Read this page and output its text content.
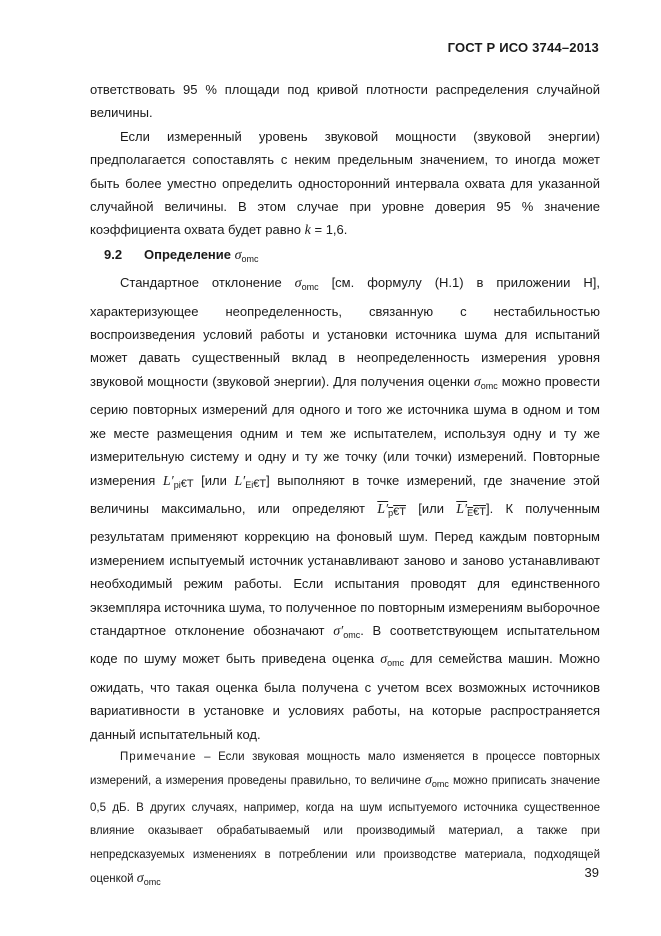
ГОСТ Р ИСО 3744–2013

ответствовать 95 % площади под кривой плотности распределения случайной величины.

Если измеренный уровень звуковой мощности (звуковой энергии) предполагается сопоставлять с неким предельным значением, то иногда может быть более уместно определить односторонний интервала охвата для указанной случайной величины. В этом случае при уровне доверия 95 % значение коэффициента охвата будет равно k = 1,6.

9.2 Определение $\sigma_{omc}$

Стандартное отклонение $\sigma_{omc}$ [см. формулу (Н.1) в приложении Н], характеризующее неопределенность, связанную с нестабильностью воспроизведения условий работы и установки источника шума для испытаний может давать существенный вклад в неопределенность измерения уровня звуковой мощности (звуковой энергии). Для получения оценки $\sigma_{omc}$ можно провести серию повторных измерений для одного и того же источника шума в одном и том же месте размещения одним и тем же испытателем, используя одну и ту же измерительную систему и одну и ту же точку (или точки) измерений. Повторные измерения $L'_{pi}€Т$ [или $L'_{Ei}€Т$] выполняют в точке измерений, где значение этой величины максимально, или определяют $L'_p€Т$ [или $L'_E€Т$]. К полученным результатам применяют коррекцию на фоновый шум. Перед каждым повторным измерением испытуемый источник устанавливают заново и заново устанавливают необходимый режим работы. Если испытания проводят для единственного экземпляра источника шума, то полученное по повторным измерениям выборочное стандартное отклонение обозначают $\sigma'_{omc}$. В соответствующем испытательном коде по шуму может быть приведена оценка $\sigma_{omc}$ для семейства машин. Можно ожидать, что такая оценка была получена с учетом всех возможных источников вариативности в установке и условиях работы, на которые распространяется данный испытательный код.

Примечание – Если звуковая мощность мало изменяется в процессе повторных измерений, а измерения проведены правильно, то величине $\sigma_{omc}$ можно приписать значение 0,5 дБ. В других случаях, например, когда на шум испытуемого источника существенное влияние оказывает обрабатываемый или производимый материал, а также при непредсказуемых изменениях в потреблении или производстве материала, подходящей оценкой $\sigma_{omc}$

39
